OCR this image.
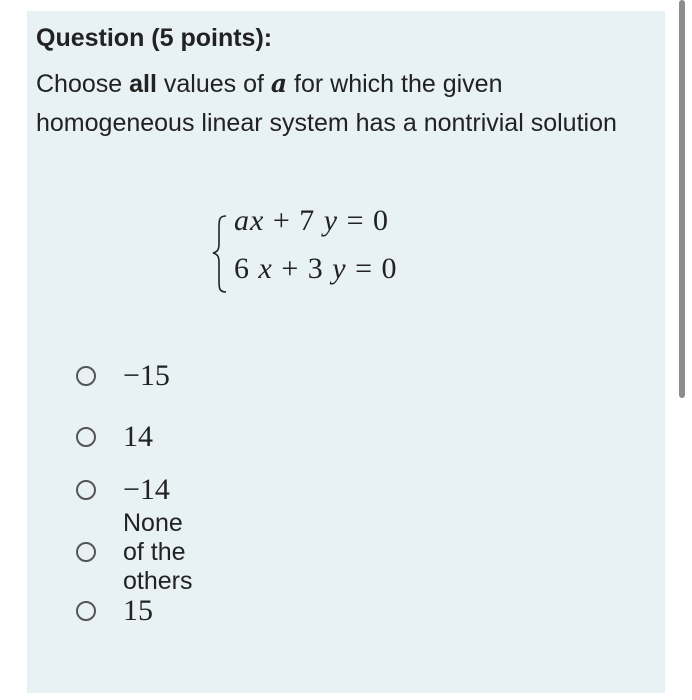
Question (5 points):
Choose all values of a for which the given homogeneous linear system has a nontrivial solution
ax + 7 y = 0
6 x + 3 y = 0
−15
14
−14
None of the others
15
